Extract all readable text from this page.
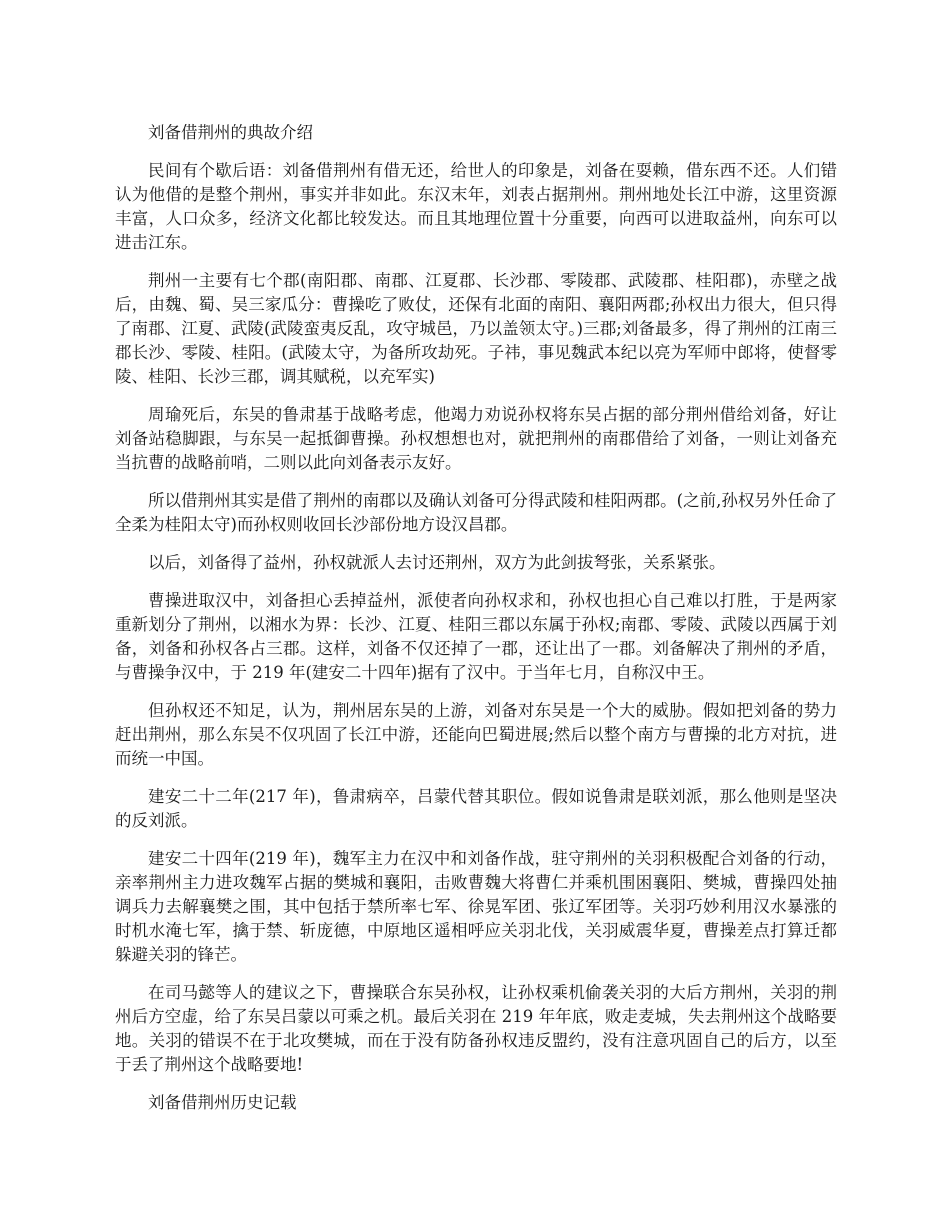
刘备借荆州的典故介绍

民间有个歇后语：刘备借荆州有借无还，给世人的印象是，刘备在耍赖，借东西不还。人们错认为他借的是整个荆州，事实并非如此。东汉末年，刘表占据荆州。荆州地处长江中游，这里资源丰富，人口众多，经济文化都比较发达。而且其地理位置十分重要，向西可以进取益州，向东可以进击江东。

荆州一主要有七个郡(南阳郡、南郡、江夏郡、长沙郡、零陵郡、武陵郡、桂阳郡)，赤壁之战后，由魏、蜀、吴三家瓜分：曹操吃了败仗，还保有北面的南阳、襄阳两郡;孙权出力很大，但只得了南郡、江夏、武陵(武陵蛮夷反乱，攻守城邑，乃以盖领太守。)三郡;刘备最多，得了荆州的江南三郡长沙、零陵、桂阳。(武陵太守，为备所攻劫死。子祎，事见魏武本纪以亮为军师中郎将，使督零陵、桂阳、长沙三郡，调其赋税，以充军实)

周瑜死后，东吴的鲁肃基于战略考虑，他竭力劝说孙权将东吴占据的部分荆州借给刘备，好让刘备站稳脚跟，与东吴一起抵御曹操。孙权想想也对，就把荆州的南郡借给了刘备，一则让刘备充当抗曹的战略前哨，二则以此向刘备表示友好。

所以借荆州其实是借了荆州的南郡以及确认刘备可分得武陵和桂阳两郡。(之前,孙权另外任命了全柔为桂阳太守)而孙权则收回长沙部份地方设汉昌郡。

以后，刘备得了益州，孙权就派人去讨还荆州，双方为此剑拔弩张，关系紧张。

曹操进取汉中，刘备担心丢掉益州，派使者向孙权求和，孙权也担心自己难以打胜，于是两家重新划分了荆州，以湘水为界：长沙、江夏、桂阳三郡以东属于孙权;南郡、零陵、武陵以西属于刘备，刘备和孙权各占三郡。这样，刘备不仅还掉了一郡，还让出了一郡。刘备解决了荆州的矛盾，与曹操争汉中，于 219 年(建安二十四年)据有了汉中。于当年七月，自称汉中王。

但孙权还不知足，认为，荆州居东吴的上游，刘备对东吴是一个大的威胁。假如把刘备的势力赶出荆州，那么东吴不仅巩固了长江中游，还能向巴蜀进展;然后以整个南方与曹操的北方对抗，进而统一中国。

建安二十二年(217 年)，鲁肃病卒，吕蒙代替其职位。假如说鲁肃是联刘派，那么他则是坚决的反刘派。

建安二十四年(219 年)，魏军主力在汉中和刘备作战，驻守荆州的关羽积极配合刘备的行动，亲率荆州主力进攻魏军占据的樊城和襄阳，击败曹魏大将曹仁并乘机围困襄阳、樊城，曹操四处抽调兵力去解襄樊之围，其中包括于禁所率七军、徐晃军团、张辽军团等。关羽巧妙利用汉水暴涨的时机水淹七军，擒于禁、斩庞德，中原地区遥相呼应关羽北伐，关羽威震华夏，曹操差点打算迁都躲避关羽的锋芒。

在司马懿等人的建议之下，曹操联合东吴孙权，让孙权乘机偷袭关羽的大后方荆州，关羽的荆州后方空虚，给了东吴吕蒙以可乘之机。最后关羽在 219 年年底，败走麦城，失去荆州这个战略要地。关羽的错误不在于北攻樊城，而在于没有防备孙权违反盟约，没有注意巩固自己的后方，以至于丢了荆州这个战略要地!

刘备借荆州历史记载
